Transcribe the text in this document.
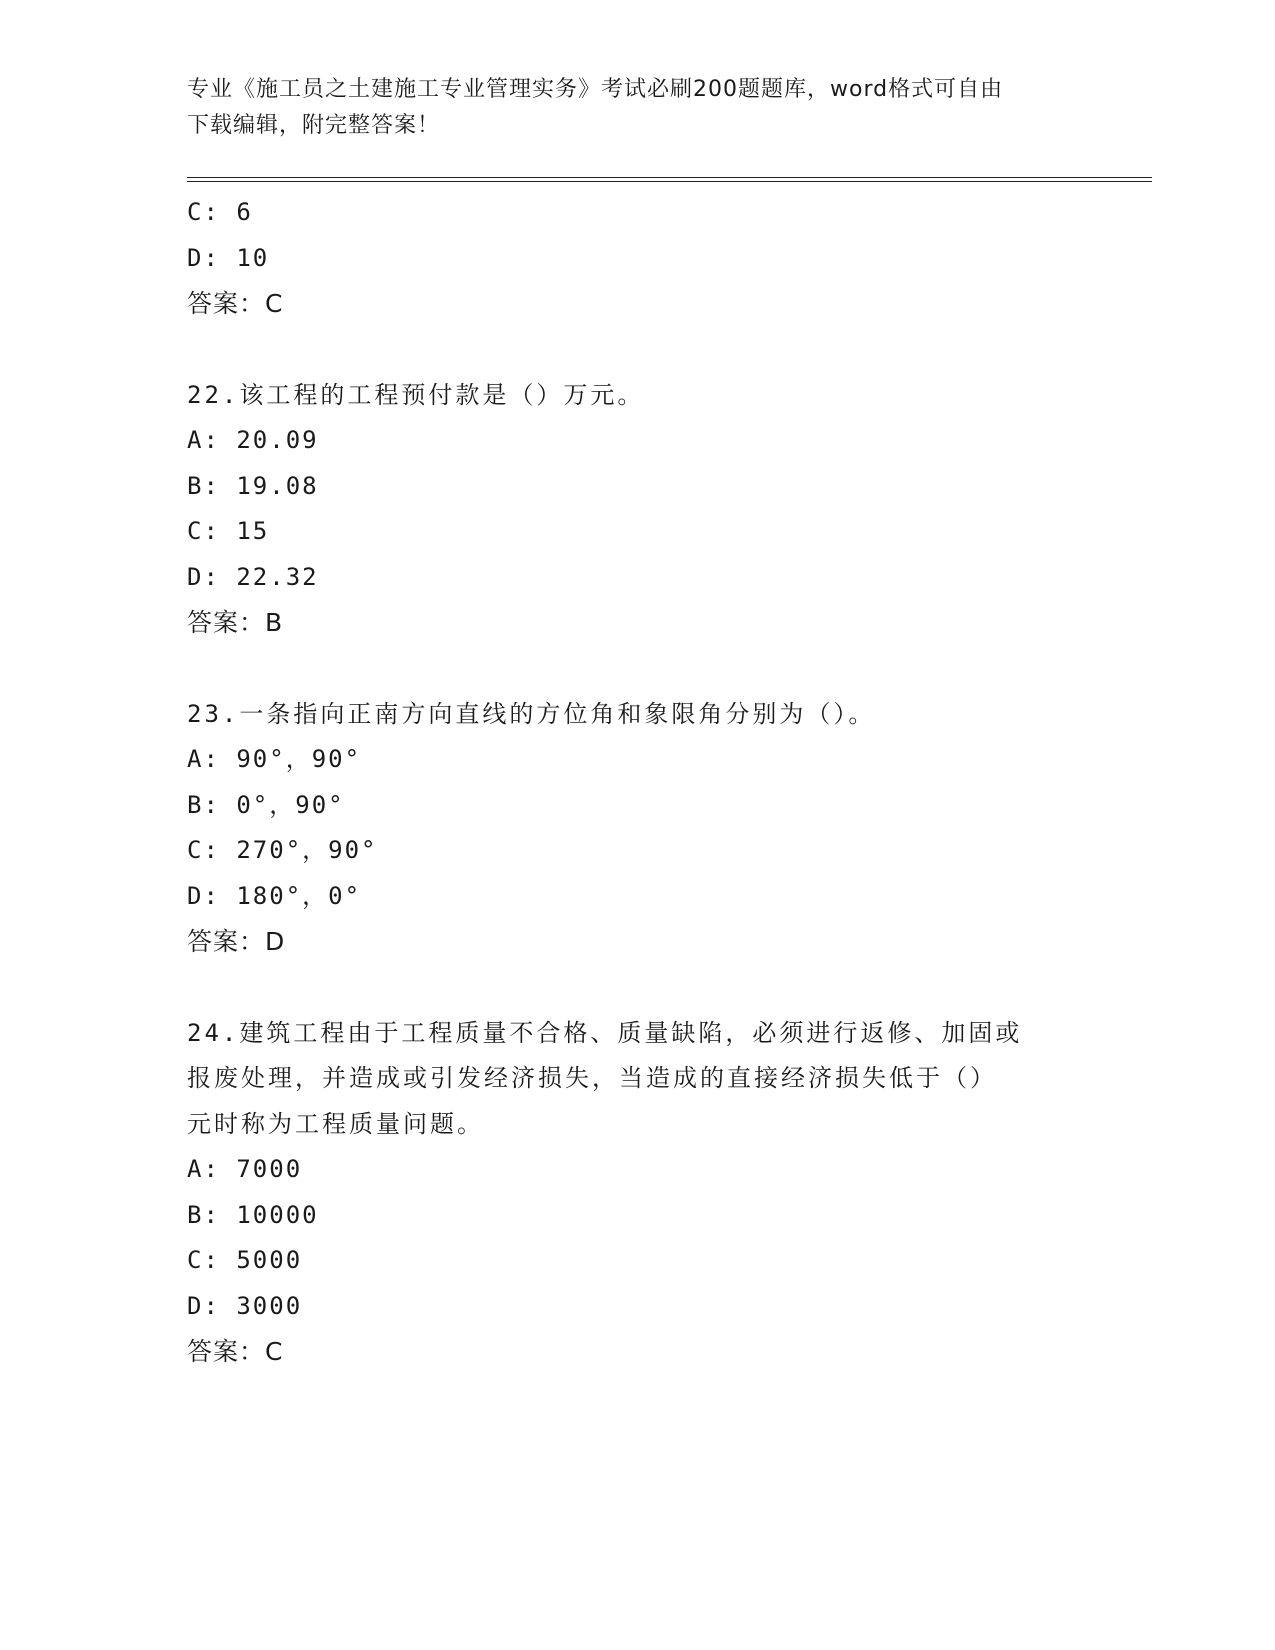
专业《施工员之土建施工专业管理实务》考试必刷200题题库，word格式可自由
下载编辑，附完整答案！
C: 6
D: 10
答案：C
22.该工程的工程预付款是（）万元。
A: 20.09
B: 19.08
C: 15
D: 22.32
答案：B
23.一条指向正南方向直线的方位角和象限角分别为（）。
A: 90°，90°
B: 0°，90°
C: 270°，90°
D: 180°，0°
答案：D
24.建筑工程由于工程质量不合格、质量缺陷，必须进行返修、加固或
报废处理，并造成或引发经济损失，当造成的直接经济损失低于（）
元时称为工程质量问题。
A: 7000
B: 10000
C: 5000
D: 3000
答案：C
